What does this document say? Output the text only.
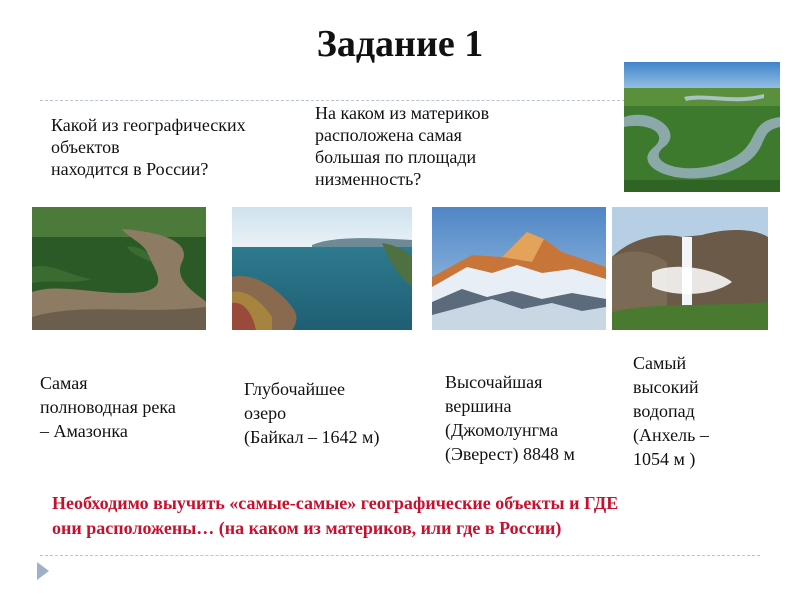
Задание 1
Какой из географических
объектов
находится в России?
На каком из материков
расположена самая
большая по площади
низменность?
Самая
полноводная река
– Амазонка
Глубочайшее
озеро
(Байкал – 1642 м)
Высочайшая
вершина
(Джомолунгма
(Эверест) 8848 м
Самый
высокий
водопад
(Анхель –
1054 м )
Необходимо выучить «самые-самые» географические объекты и ГДЕ
они расположены… (на каком из материков, или где в России)
